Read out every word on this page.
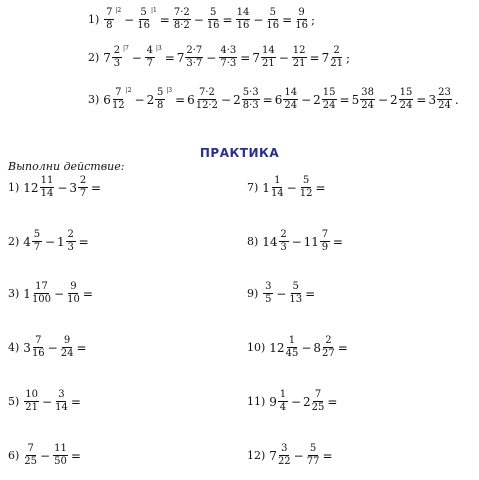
$1) \frac{7}{8} |2$
− $\frac{5}{16} |1$
= $\frac{7\cdot 2}{8\cdot 2} - \frac{5}{16} = \frac{14}{16} - \frac{5}{16} = \frac{9}{16}$ ;
2) $7 \frac{2}{3} |7$
− $\frac{4}{7} |3$
= $7 \frac{2\cdot 7}{3\cdot 7} - \frac{4\cdot 3}{7\cdot 3} = 7 \frac{14}{21} - \frac{12}{21} = 7 \frac{2}{21}$ ;
3) $6 \frac{7}{12} |2$
− $2 \frac{5}{8} |3$
= $6 \frac{7\cdot 2}{12\cdot 2} - 2 \frac{5\cdot 3}{8\cdot 3} = 6 \frac{14}{24} - 2 \frac{15}{24} = 5 \frac{38}{24} - 2 \frac{15}{24} = 3 \frac{23}{24}$ .
ПРАКТИКА
Выполни действие:
1) $12 \frac{11}{14} - 3 \frac{2}{7}$ =
2) $4 \frac{5}{7} - 1 \frac{2}{3}$ =
3) $1 \frac{17}{100} - \frac{9}{10}$ =
4) $3 \frac{7}{16} - \frac{9}{24}$ =
$5) \frac{10}{21} - \frac{3}{14}$ =
$6) \frac{7}{25} - \frac{11}{50}$ =
7) $1 \frac{1}{14} - \frac{5}{12}$ =
8) $14 \frac{2}{3} - 11 \frac{7}{9}$ =
$9) \frac{3}{5} - \frac{5}{13}$ =
10) $12 \frac{1}{45} - 8 \frac{2}{27}$ =
11) $9 \frac{1}{4} - 2 \frac{7}{25}$ =
12) $7 \frac{3}{22} - \frac{5}{77}$ =
